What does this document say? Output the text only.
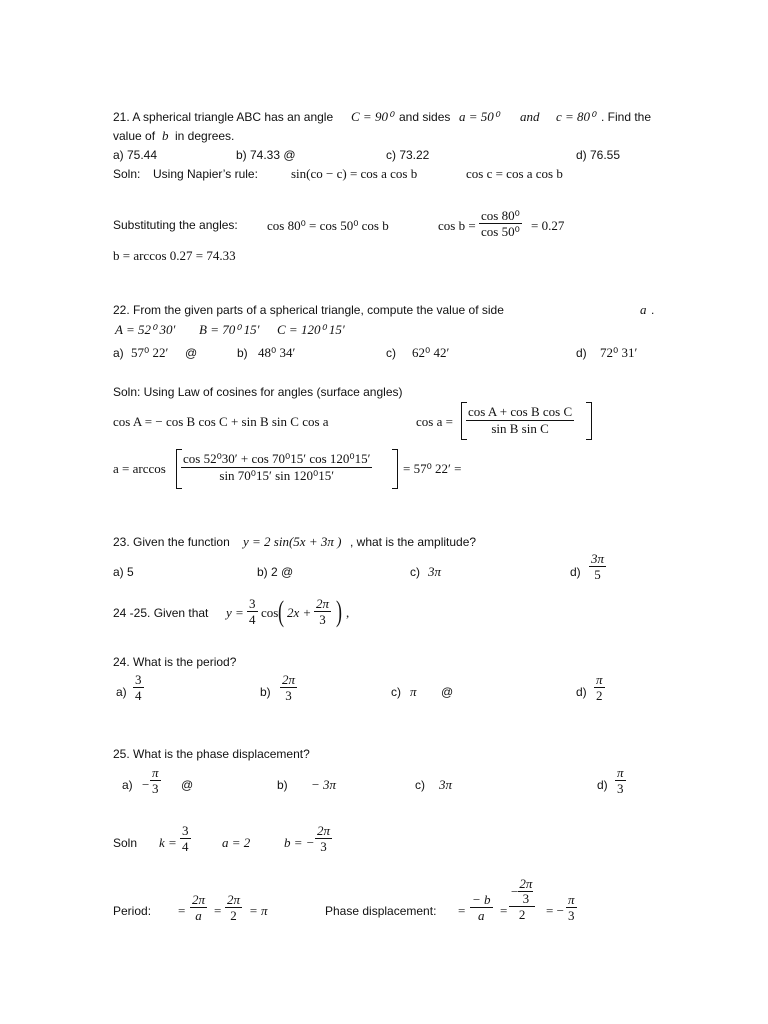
21. A spherical triangle ABC has an angle C = 90⁰ and sides a = 50⁰ and c = 80⁰ . Find the
value of b in degrees.
a) 75.44	b) 74.33 @	c) 73.22	d) 76.55
Soln: Using Napier’s rule:	sin(co − c) = cos a cos b	cos c = cos a cos b
Substituting the angles: cos 80⁰ = cos 50⁰ cos b	$\cos b = \frac{\text{cos 80⁰}}{\text{cos 50⁰}} = 0.27$
b = arccos 0.27 = 74.33
22. From the given parts of a spherical triangle, compute the value of side	a .
A = 52⁰ 30′ B = 70⁰ 15′ C = 120⁰ 15′
a) 57⁰ 22′ @	b) 48⁰ 34′	c) 62⁰ 42′	d) 72⁰ 31′
Soln: Using Law of cosines for angles (surface angles)
cos A = − cos B cos C + sin B sin C cos a	$\cos a = \frac{\text{cos A + cos B cos C}}{\text{sin B sin C}}$
$a = \arccos \frac{\text{cos 52⁰30′ + cos 70⁰15′ cos 120⁰15′}}{\text{sin 70⁰15′ sin 120⁰15′}} = 57^0$ 22′ =
23. Given the function y = 2 sin(5x + 3π ) , what is the amplitude?
a) 5	b) 2 @	c) 3π	$d) \frac{3\pi}{5}$
24 -25. Given that $y = \frac{3}{4}$ cos ( $2x + \frac{2\pi}{3}$ ) ,
24. What is the period?
$a) \frac{3}{4}$	$b) \frac{2\pi}{3}$	c) π @	$d) \frac{\pi}{2}$
25. What is the phase displacement?
$a) - \frac{\pi}{3}$ @	b) − 3π	c) 3π	$d) \frac{\pi}{3}$
Soln $k = \frac{3}{4}$ a = 2	b = − $\frac{2\pi}{3}$
Period: = $\frac{2\pi}{a} = \frac{2\pi}{2} = \pi$	Phase displacement: = $\frac{- b}{a} = \frac{- \frac{2\pi}{3}}{2}$ = − $\frac{\pi}{3}$
